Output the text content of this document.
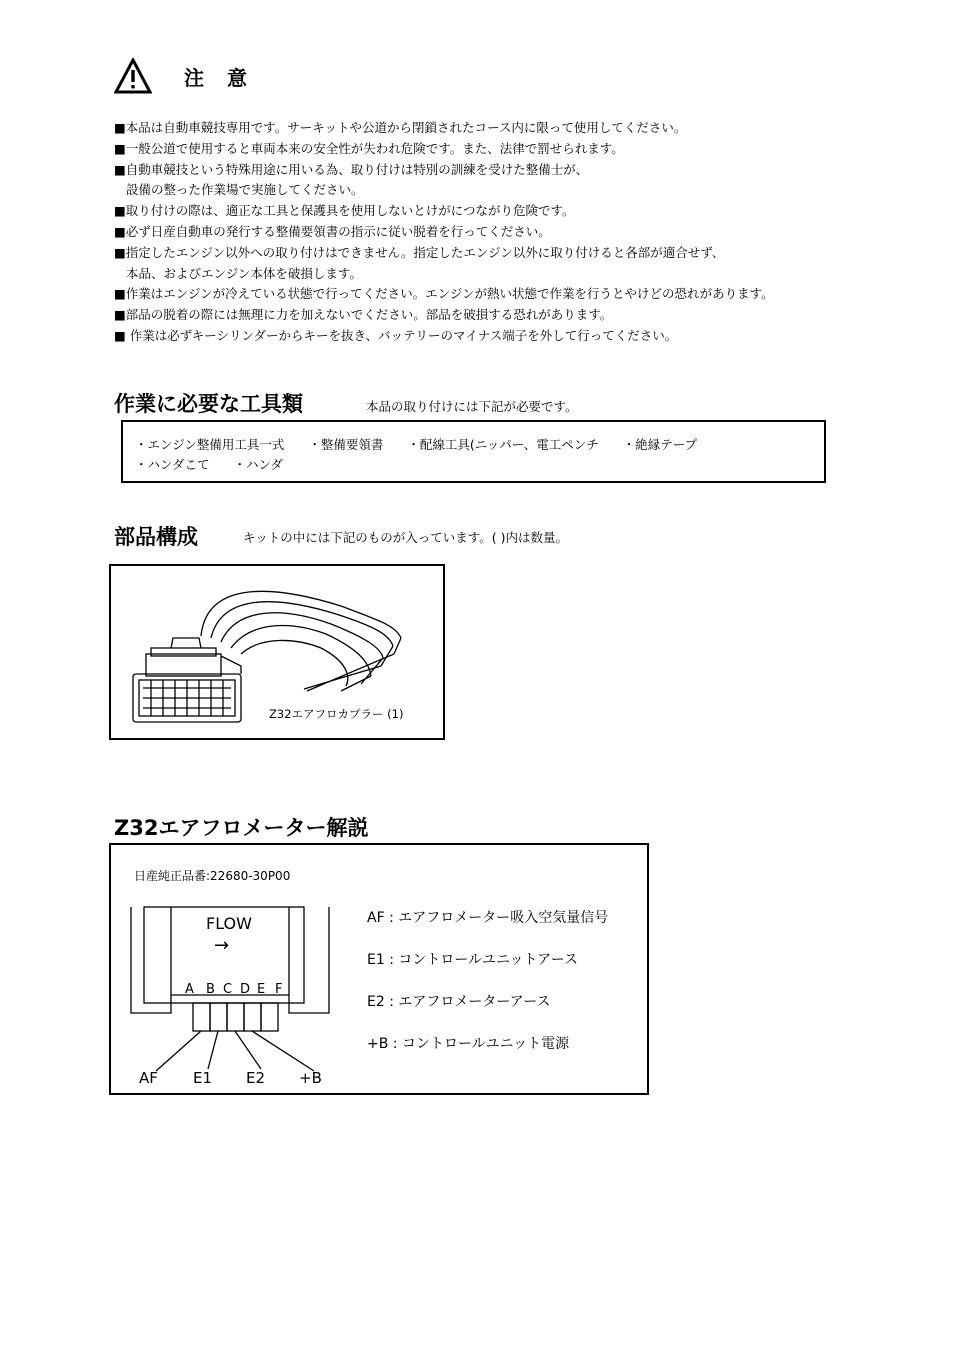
注 意
■本品は自動車競技専用です。サーキットや公道から閉鎖されたコース内に限って使用してください。
■一般公道で使用すると車両本来の安全性が失われ危険です。また、法律で罰せられます。
■自動車競技という特殊用途に用いる為、取り付けは特別の訓練を受けた整備士が、
設備の整った作業場で実施してください。
■取り付けの際は、適正な工具と保護具を使用しないとけがにつながり危険です。
■必ず日産自動車の発行する整備要領書の指示に従い脱着を行ってください。
■指定したエンジン以外への取り付けはできません。指定したエンジン以外に取り付けると各部が適合せず、
本品、およびエンジン本体を破損します。
■作業はエンジンが冷えている状態で行ってください。エンジンが熱い状態で作業を行うとやけどの恐れがあります。
■部品の脱着の際には無理に力を加えないでください。部品を破損する恐れがあります。
■ 作業は必ずキーシリンダーからキーを抜き、バッテリーのマイナス端子を外して行ってください。
作業に必要な工具類	本品の取り付けには下記が必要です。
・エンジン整備用工具一式 ・整備要領書 ・配線工具(ニッパー、電工ペンチ ・絶縁テープ
・ハンダこて ・ハンダ
部品構成	キットの中には下記のものが入っています。( )内は数量。
Z32エアフロカプラー (1)
Z32エアフロメーター解説
日産純正品番:22680-30P00
FLOW
→
A B C D E F
AF E1 E2 +B
AF : エアフロメーター吸入空気量信号
E1 : コントロールユニットアース
E2 : エアフロメーターアース
+B : コントロールユニット電源
